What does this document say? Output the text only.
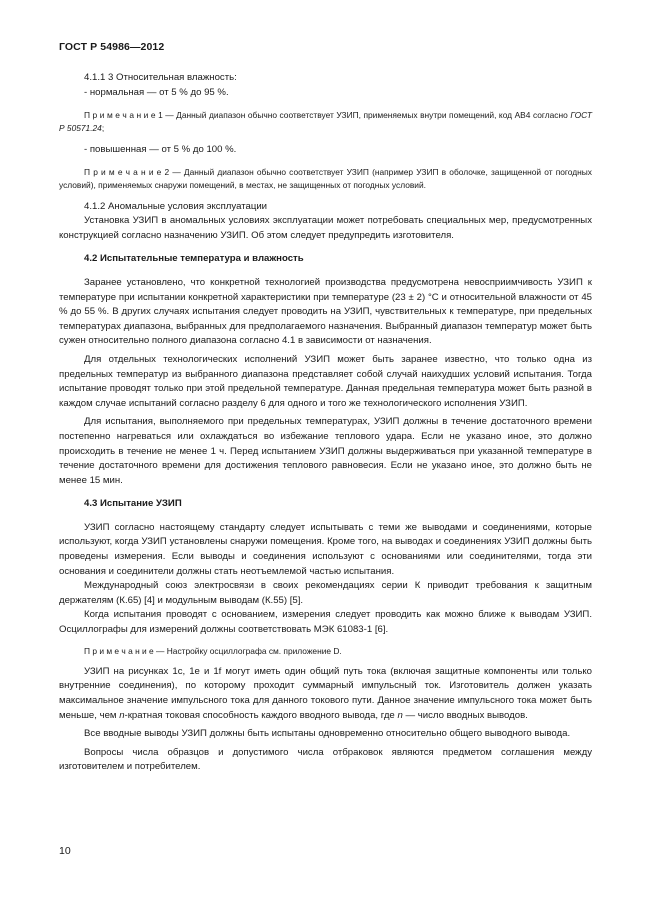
ГОСТ Р 54986—2012

4.1.1 3 Относительная влажность:

- нормальная — от 5 % до 95 %.

П р и м е ч а н и е 1 — Данный диапазон обычно соответствует УЗИП, применяемых внутри помещений, код АВ4 согласно ГОСТ Р 50571.24;

- повышенная — от 5 % до 100 %.

П р и м е ч а н и е 2 — Данный диапазон обычно соответствует УЗИП (например УЗИП в оболочке, защищенной от погодных условий), применяемых снаружи помещений, в местах, не защищенных от погодных условий.

4.1.2 Аномальные условия эксплуатации

Установка УЗИП в аномальных условиях эксплуатации может потребовать специальных мер, предусмотренных конструкцией согласно назначению УЗИП. Об этом следует предупредить изготовителя.

4.2 Испытательные температура и влажность

Заранее установлено, что конкретной технологией производства предусмотрена невосприимчивость УЗИП к температуре при испытании конкретной характеристики при температуре (23 ± 2) °С и относительной влажности от 45 % до 55 %. В других случаях испытания следует проводить на УЗИП, чувствительных к температуре, при предельных температурах диапазона, выбранных для предполагаемого назначения. Выбранный диапазон температур может быть сужен относительно полного диапазона согласно 4.1 в зависимости от назначения.

Для отдельных технологических исполнений УЗИП может быть заранее известно, что только одна из предельных температур из выбранного диапазона представляет собой случай наихудших условий испытания. Тогда испытание проводят только при этой предельной температуре. Данная предельная температура может быть разной в каждом случае испытаний согласно разделу 6 для одного и того же технологического исполнения УЗИП.

Для испытания, выполняемого при предельных температурах, УЗИП должны в течение достаточного времени постепенно нагреваться или охлаждаться во избежание теплового удара. Если не указано иное, это должно происходить в течение не менее 1 ч. Перед испытанием УЗИП должны выдерживаться при указанной температуре в течение достаточного времени для достижения теплового равновесия. Если не указано иное, это должно быть не менее 15 мин.

4.3 Испытание УЗИП

УЗИП согласно настоящему стандарту следует испытывать с теми же выводами и соединениями, которые используют, когда УЗИП установлены снаружи помещения. Кроме того, на выводах и соединениях УЗИП должны быть проведены измерения. Если выводы и соединения используют с основаниями или соединителями, тогда эти основания и соединители должны стать неотъемлемой частью испытания.

Международный союз электросвязи в своих рекомендациях серии К приводит требования к защитным держателям (К.65) [4] и модульным выводам (К.55) [5].

Когда испытания проводят с основанием, измерения следует проводить как можно ближе к выводам УЗИП. Осциллографы для измерений должны соответствовать МЭК 61083-1 [6].

П р и м е ч а н и е — Настройку осциллографа см. приложение D.

УЗИП на рисунках 1c, 1e и 1f могут иметь один общий путь тока (включая защитные компоненты или только внутренние соединения), по которому проходит суммарный импульсный ток. Изготовитель должен указать максимальное значение импульсного тока для данного токового пути. Данное значение импульсного тока может быть меньше, чем n-кратная токовая способность каждого вводного вывода, где n — число вводных выводов.

Все вводные выводы УЗИП должны быть испытаны одновременно относительно общего выводного вывода.

Вопросы числа образцов и допустимого числа отбраковок являются предметом соглашения между изготовителем и потребителем.

10
